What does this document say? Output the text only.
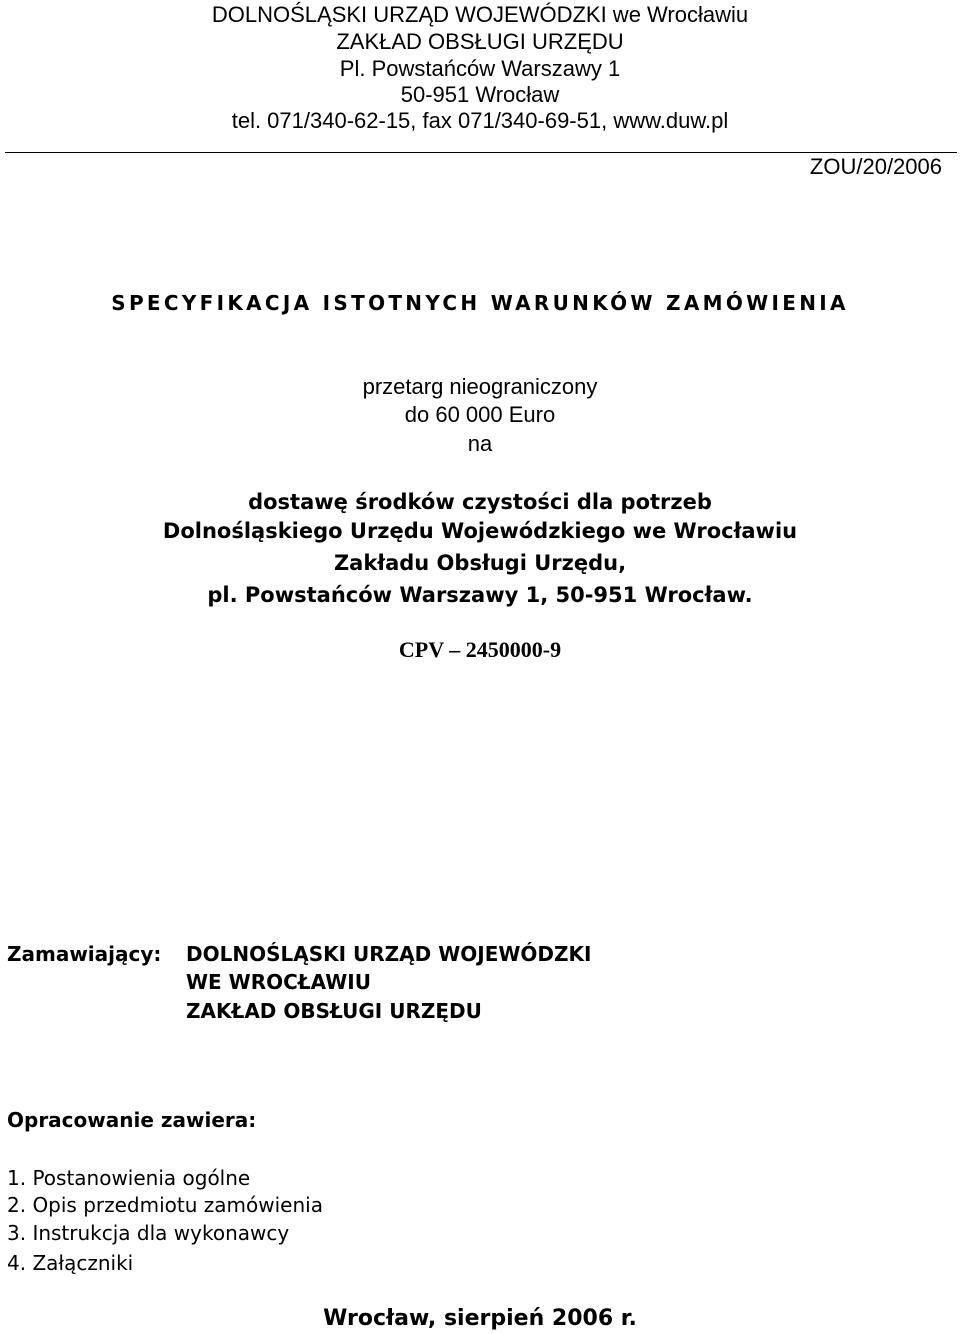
DOLNOŚLĄSKI URZĄD WOJEWÓDZKI we Wrocławiu
ZAKŁAD OBSŁUGI URZĘDU
Pl. Powstańców Warszawy 1
50-951 Wrocław
tel. 071/340-62-15, fax 071/340-69-51, www.duw.pl
ZOU/20/2006
SPECYFIKACJA ISTOTNYCH WARUNKÓW ZAMÓWIENIA
przetarg nieograniczony
do 60 000 Euro
na
dostawę środków czystości dla potrzeb
Dolnośląskiego Urzędu Wojewódzkiego we Wrocławiu
Zakładu Obsługi Urzędu,
pl. Powstańców Warszawy 1, 50-951 Wrocław.
CPV – 2450000-9
Zamawiający: DOLNOŚLĄSKI URZĄD WOJEWÓDZKI
WE WROCŁAWIU
ZAKŁAD OBSŁUGI URZĘDU
Opracowanie zawiera:
1. Postanowienia ogólne
2. Opis przedmiotu zamówienia
3. Instrukcja dla wykonawcy
4. Załączniki
Wrocław, sierpień 2006 r.
